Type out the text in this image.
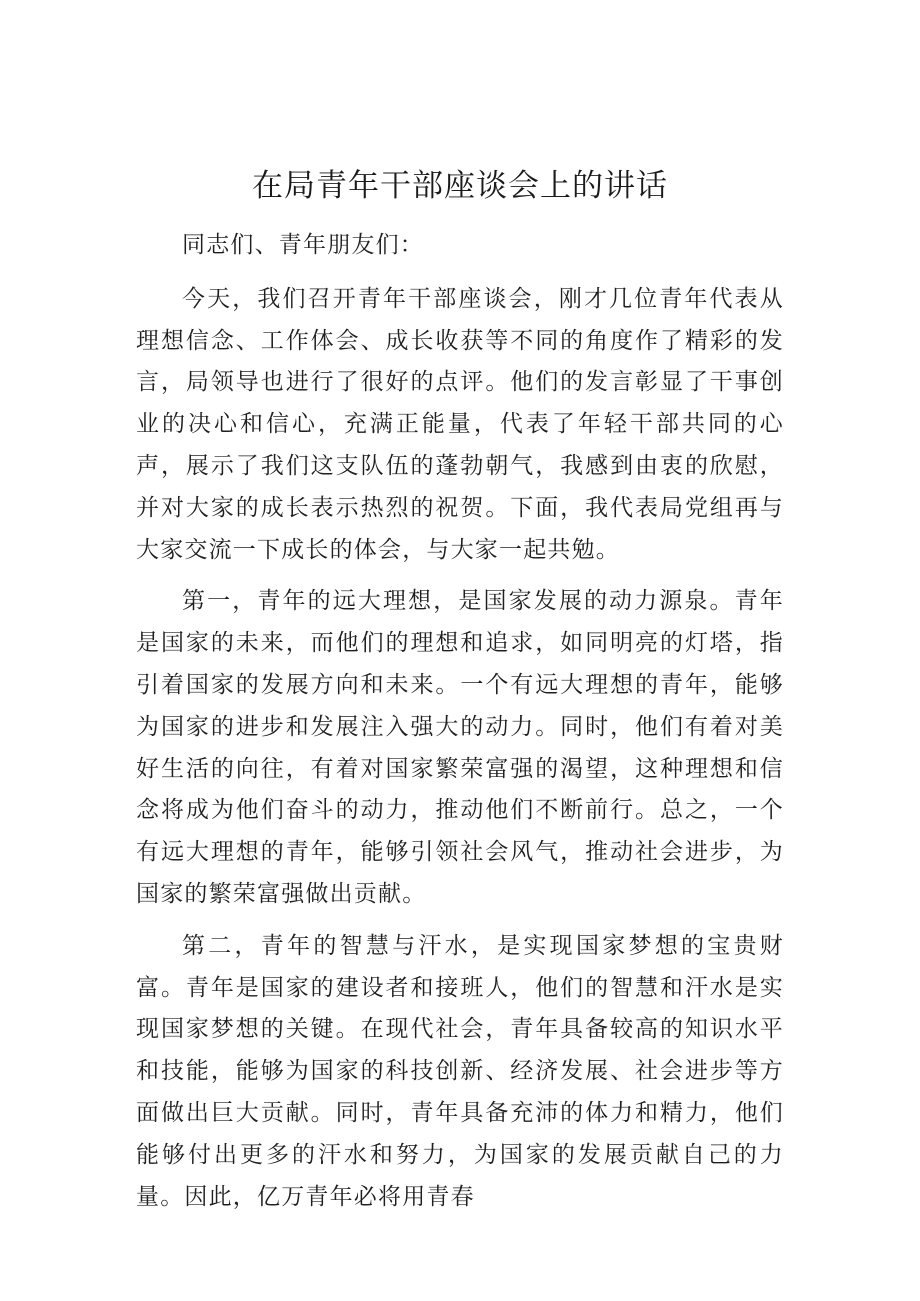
在局青年干部座谈会上的讲话

同志们、青年朋友们：

今天，我们召开青年干部座谈会，刚才几位青年代表从理想信念、工作体会、成长收获等不同的角度作了精彩的发言，局领导也进行了很好的点评。他们的发言彰显了干事创业的决心和信心，充满正能量，代表了年轻干部共同的心声，展示了我们这支队伍的蓬勃朝气，我感到由衷的欣慰，并对大家的成长表示热烈的祝贺。下面，我代表局党组再与大家交流一下成长的体会，与大家一起共勉。

第一，青年的远大理想，是国家发展的动力源泉。青年是国家的未来，而他们的理想和追求，如同明亮的灯塔，指引着国家的发展方向和未来。一个有远大理想的青年，能够为国家的进步和发展注入强大的动力。同时，他们有着对美好生活的向往，有着对国家繁荣富强的渴望，这种理想和信念将成为他们奋斗的动力，推动他们不断前行。总之，一个有远大理想的青年，能够引领社会风气，推动社会进步，为国家的繁荣富强做出贡献。

第二，青年的智慧与汗水，是实现国家梦想的宝贵财富。青年是国家的建设者和接班人，他们的智慧和汗水是实现国家梦想的关键。在现代社会，青年具备较高的知识水平和技能，能够为国家的科技创新、经济发展、社会进步等方面做出巨大贡献。同时，青年具备充沛的体力和精力，他们能够付出更多的汗水和努力，为国家的发展贡献自己的力量。因此，亿万青年必将用青春
